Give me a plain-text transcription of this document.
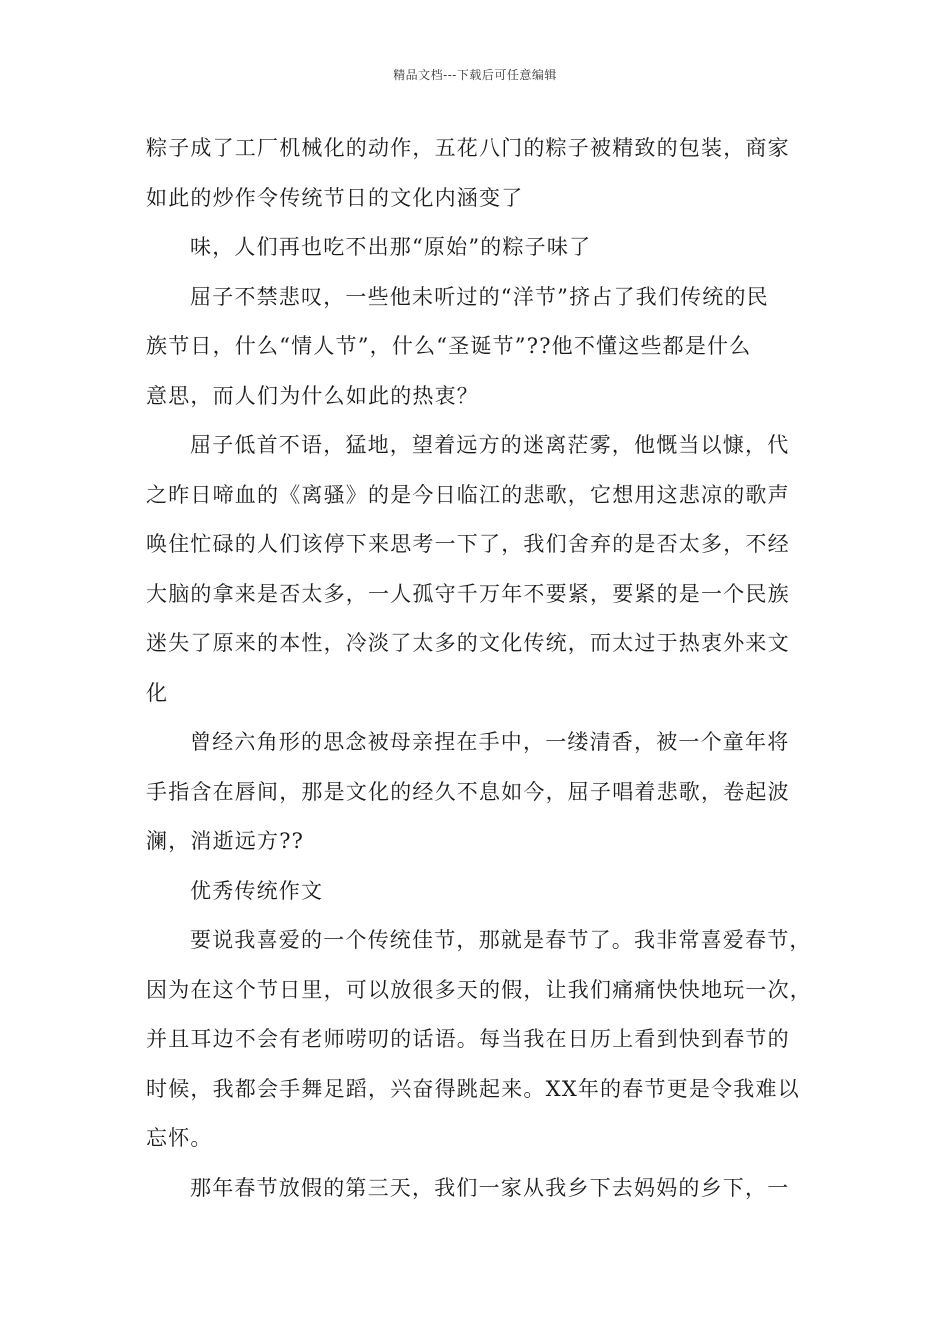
精品文档---下载后可任意编辑
粽子成了工厂机械化的动作，五花八门的粽子被精致的包装，商家
如此的炒作令传统节日的文化内涵变了
味，人们再也吃不出那“原始”的粽子味了
屈子不禁悲叹，一些他未听过的“洋节”挤占了我们传统的民
族节日，什么“情人节”，什么“圣诞节”??他不懂这些都是什么
意思，而人们为什么如此的热衷？
屈子低首不语，猛地，望着远方的迷离茫雾，他慨当以慷，代
之昨日啼血的《离骚》的是今日临江的悲歌，它想用这悲凉的歌声
唤住忙碌的人们该停下来思考一下了，我们舍弃的是否太多，不经
大脑的拿来是否太多，一人孤守千万年不要紧，要紧的是一个民族
迷失了原来的本性，冷淡了太多的文化传统，而太过于热衷外来文
化
曾经六角形的思念被母亲捏在手中，一缕清香，被一个童年将
手指含在唇间，那是文化的经久不息如今，屈子唱着悲歌，卷起波
澜，消逝远方??
优秀传统作文
要说我喜爱的一个传统佳节，那就是春节了。我非常喜爱春节，
因为在这个节日里，可以放很多天的假，让我们痛痛快快地玩一次，
并且耳边不会有老师唠叨的话语。每当我在日历上看到快到春节的
时候，我都会手舞足蹈，兴奋得跳起来。XX年的春节更是令我难以
忘怀。
那年春节放假的第三天，我们一家从我乡下去妈妈的乡下，一
